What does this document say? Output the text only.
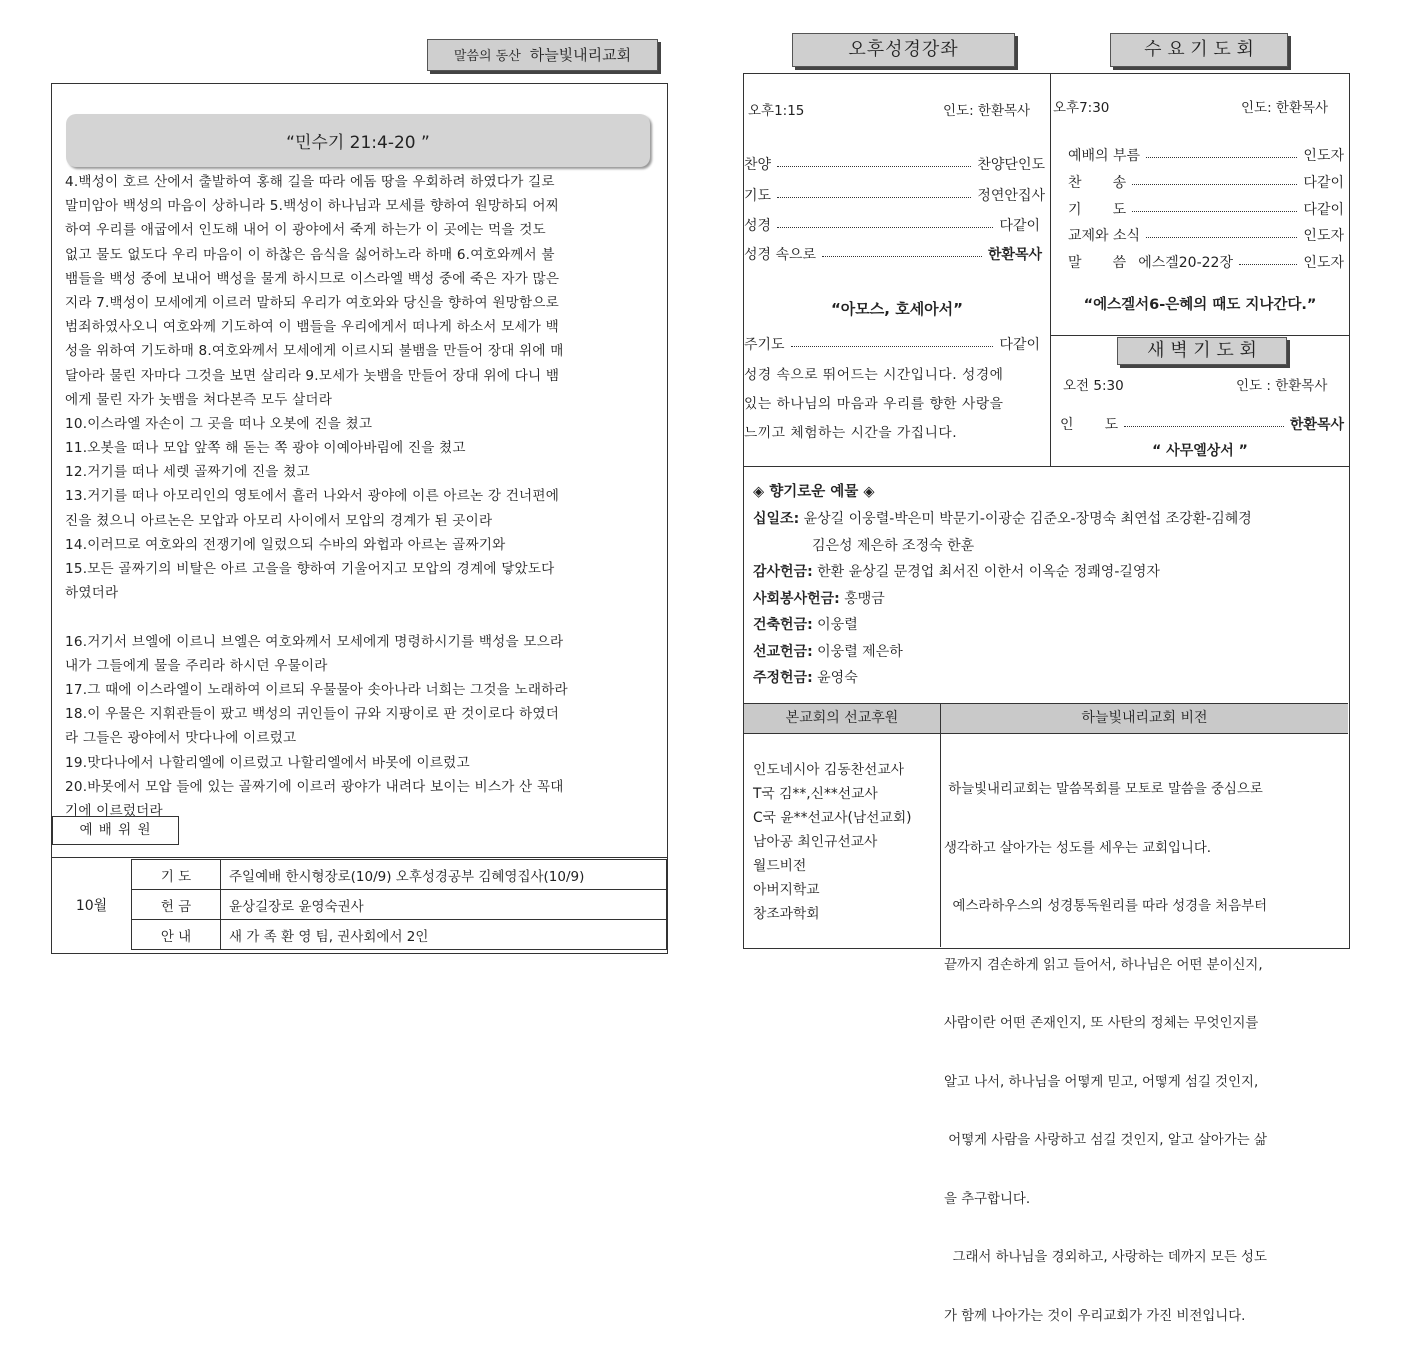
말씀의 동산 하늘빛내리교회
“민수기 21:4-20 ”
4.백성이 호르 산에서 출발하여 홍해 길을 따라 에돔 땅을 우회하려 하였다가 길로
말미암아 백성의 마음이 상하니라 5.백성이 하나님과 모세를 향하여 원망하되 어찌
하여 우리를 애굽에서 인도해 내어 이 광야에서 죽게 하는가 이 곳에는 먹을 것도
없고 물도 없도다 우리 마음이 이 하찮은 음식을 싫어하노라 하매 6.여호와께서 불
뱀들을 백성 중에 보내어 백성을 물게 하시므로 이스라엘 백성 중에 죽은 자가 많은
지라 7.백성이 모세에게 이르러 말하되 우리가 여호와와 당신을 향하여 원망함으로
범죄하였사오니 여호와께 기도하여 이 뱀들을 우리에게서 떠나게 하소서 모세가 백
성을 위하여 기도하매 8.여호와께서 모세에게 이르시되 불뱀을 만들어 장대 위에 매
달아라 물린 자마다 그것을 보면 살리라 9.모세가 놋뱀을 만들어 장대 위에 다니 뱀
에게 물린 자가 놋뱀을 쳐다본즉 모두 살더라
10.이스라엘 자손이 그 곳을 떠나 오봇에 진을 쳤고
11.오봇을 떠나 모압 앞쪽 해 돋는 쪽 광야 이예아바림에 진을 쳤고
12.거기를 떠나 세렛 골짜기에 진을 쳤고
13.거기를 떠나 아모리인의 영토에서 흘러 나와서 광야에 이른 아르논 강 건너편에
진을 쳤으니 아르논은 모압과 아모리 사이에서 모압의 경계가 된 곳이라
14.이러므로 여호와의 전쟁기에 일렀으되 수바의 와헙과 아르논 골짜기와
15.모든 골짜기의 비탈은 아르 고을을 향하여 기울어지고 모압의 경계에 닿았도다
하였더라
16.거기서 브엘에 이르니 브엘은 여호와께서 모세에게 명령하시기를 백성을 모으라
내가 그들에게 물을 주리라 하시던 우물이라
17.그 때에 이스라엘이 노래하여 이르되 우물물아 솟아나라 너희는 그것을 노래하라
18.이 우물은 지휘관들이 팠고 백성의 귀인들이 규와 지팡이로 판 것이로다 하였더
라 그들은 광야에서 맛다나에 이르렀고
19.맛다나에서 나할리엘에 이르렀고 나할리엘에서 바못에 이르렀고
20.바못에서 모압 들에 있는 골짜기에 이르러 광야가 내려다 보이는 비스가 산 꼭대
기에 이르렀더라
예 배 위 원
기 도	주일예배 한시형장로(10/9) 오후성경공부 김혜영집사(10/9)
헌 금	윤상길장로 윤영숙권사
안 내	새 가 족 환 영 팀, 권사회에서 2인
10월
오후성경강좌	수 요 기 도 회
오후1:15	인도: 한환목사
찬양	찬양단인도
기도	정연안집사
성경	다같이
성경 속으로	한환목사
“아모스, 호세아서”
주기도	다같이
성경 속으로 뛰어드는 시간입니다. 성경에
있는 하나님의 마음과 우리를 향한 사랑을
느끼고 체험하는 시간을 가집니다.
오후7:30	인도: 한환목사
예배의 부름	인도자
찬       송	다같이
기       도	다같이
교제와 소식	인도자
말       씀 에스겔20-22장	인도자
“에스겔서6-은혜의 때도 지나간다.”
새 벽 기 도 회
오전 5:30	인도 : 한환목사
인       도	한환목사
“ 사무엘상서 ”
◈ 향기로운 예물 ◈
십일조: 윤상길 이웅렬-박은미 박문기-이광순 김준오-장명숙 최연섭 조강환-김혜경
김은성 제은하 조정숙 한훈
감사헌금: 한환 윤상길 문경업 최서진 이한서 이옥순 정쾌영-길영자
사회봉사헌금: 홍맹금
건축헌금: 이웅렬
선교헌금: 이웅렬 제은하
주정헌금: 윤영숙
본교회의 선교후원	하늘빛내리교회 비전
인도네시아 김동찬선교사
T국 김**,신**선교사
C국 윤**선교사(남선교회)
남아공 최인규선교사
월드비전
아버지학교
창조과학회

하늘빛내리교회는 말씀목회를 모토로 말씀을 중심으로

생각하고 살아가는 성도를 세우는 교회입니다.

예스라하우스의 성경통독원리를 따라 성경을 처음부터

끝까지 겸손하게 읽고 들어서, 하나님은 어떤 분이신지,

사람이란 어떤 존재인지, 또 사탄의 정체는 무엇인지를

알고 나서, 하나님을 어떻게 믿고, 어떻게 섬길 것인지,

어떻게 사람을 사랑하고 섬길 것인지, 알고 살아가는 삶

을 추구합니다.

그래서 하나님을 경외하고, 사랑하는 데까지 모든 성도

가 함께 나아가는 것이 우리교회가 가진 비전입니다.
